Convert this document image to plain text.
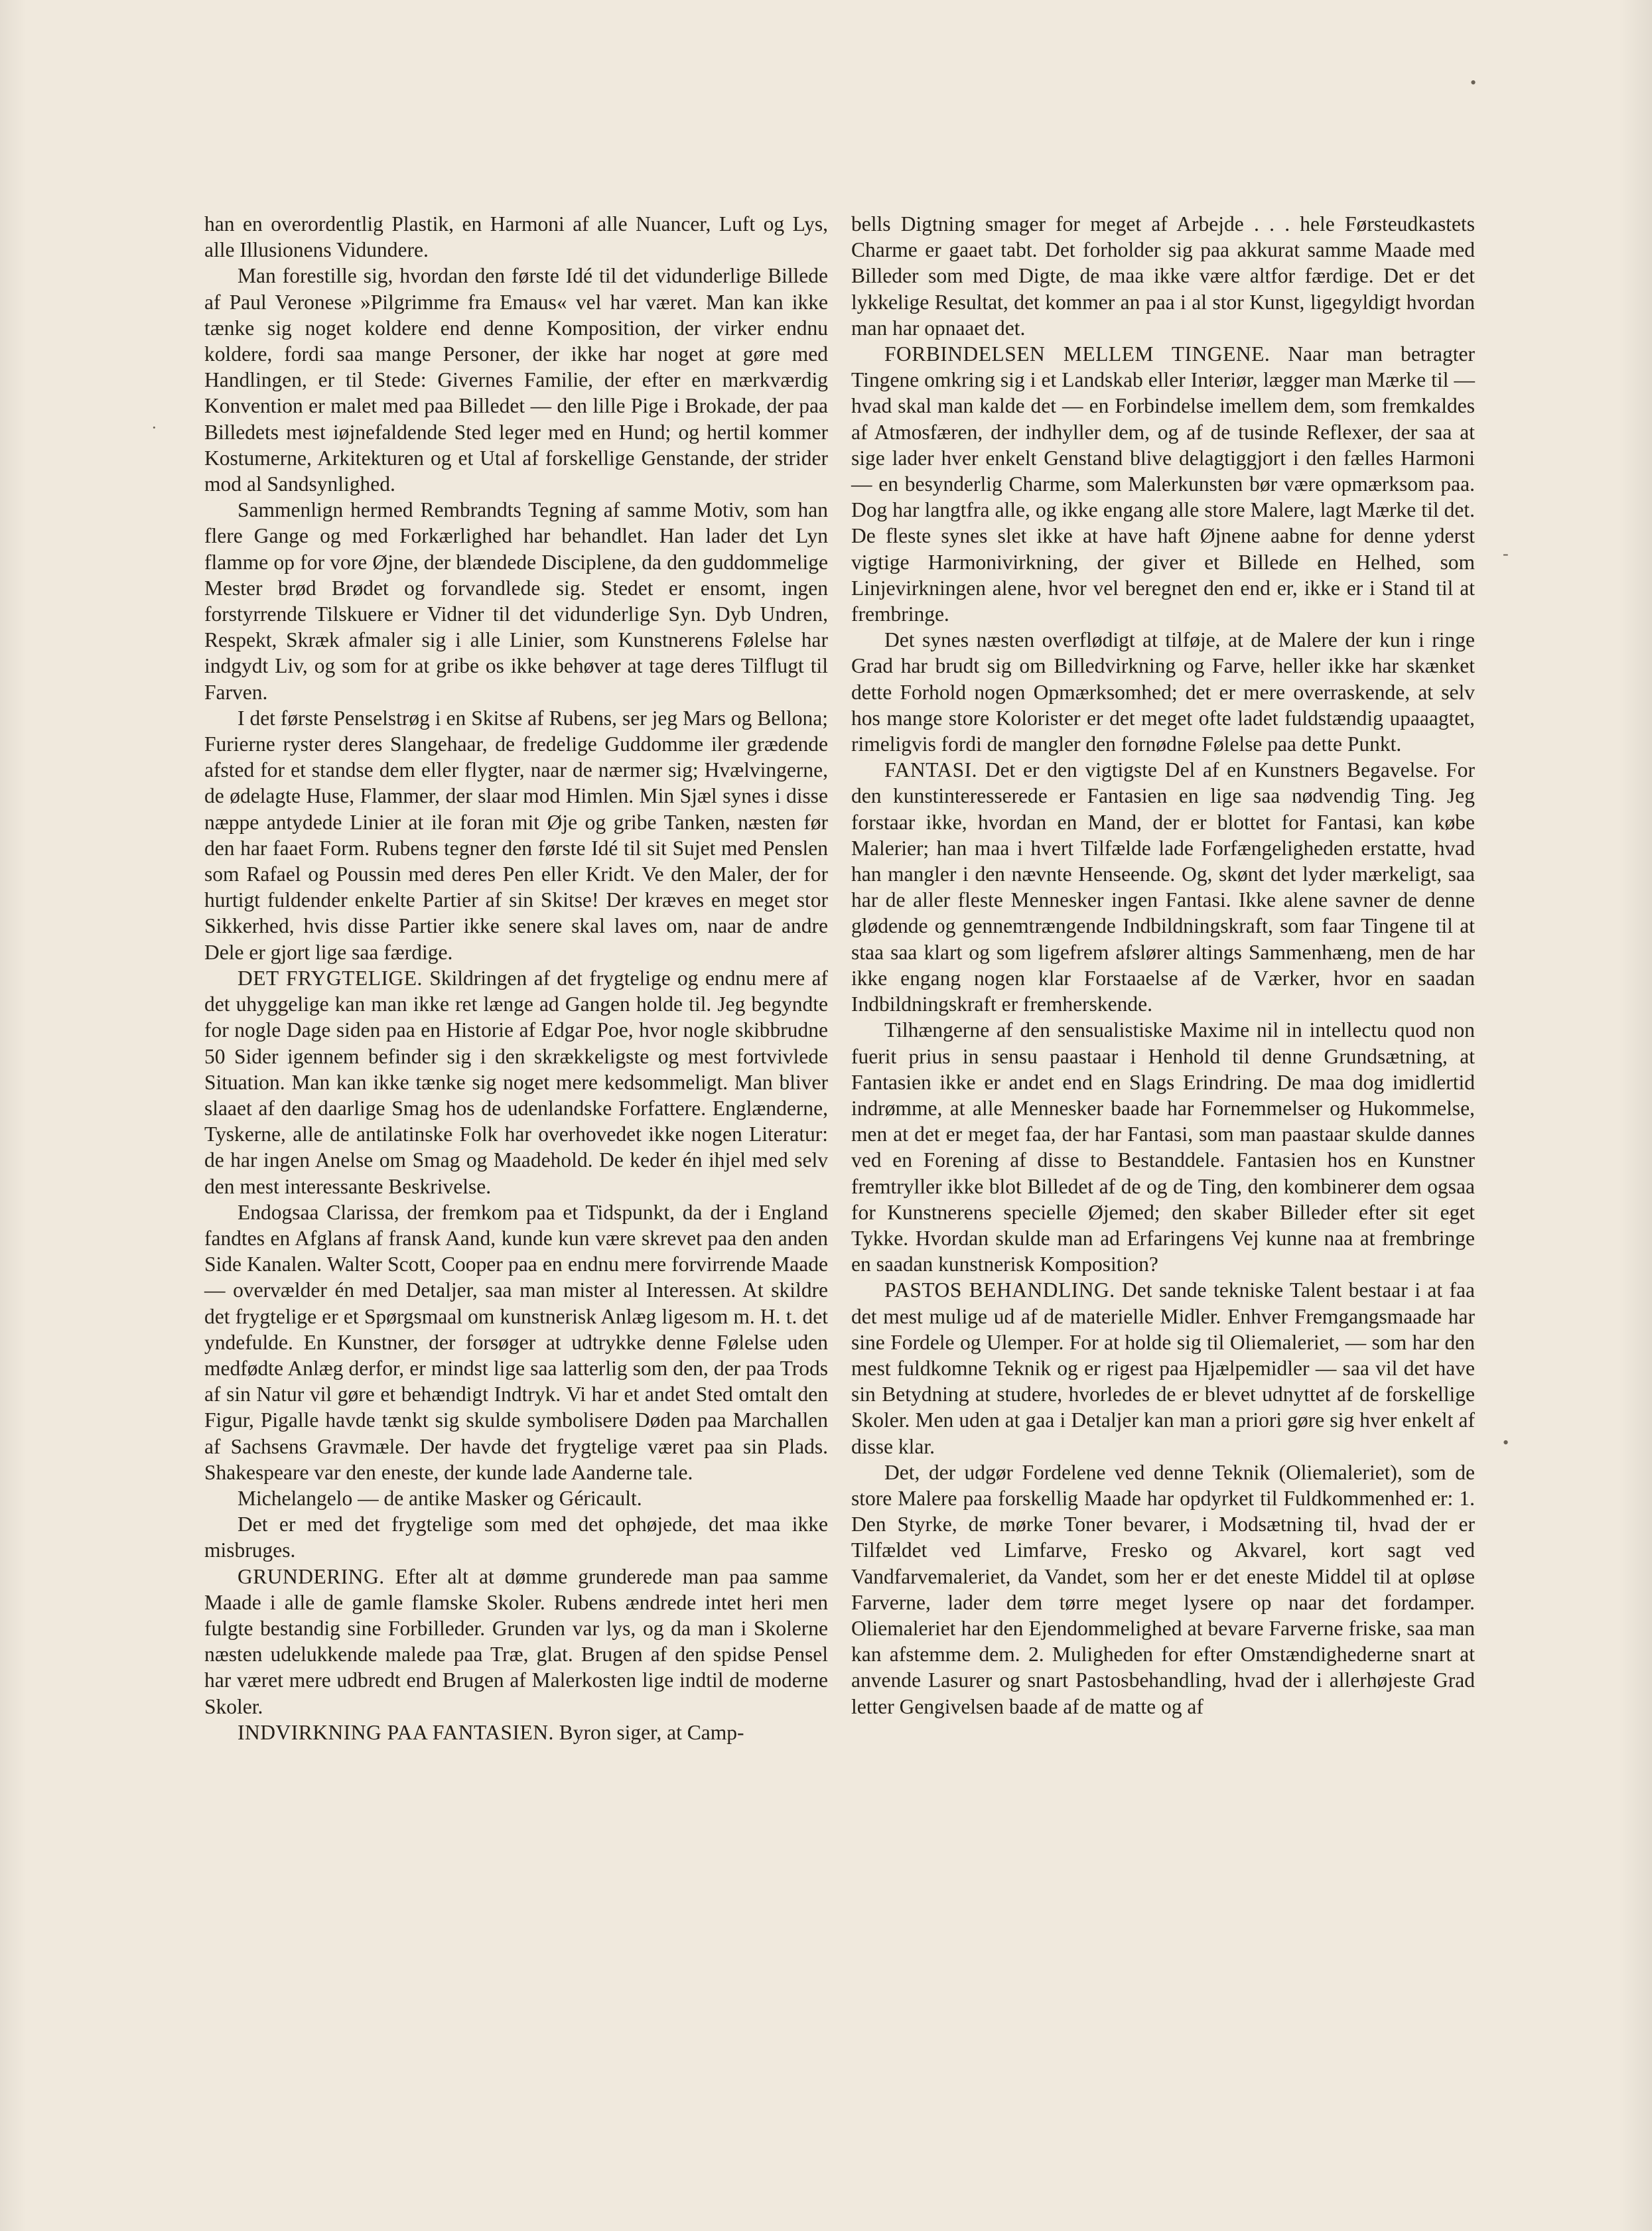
•
·
-
•

han en overordentlig Plastik, en Harmoni af alle Nuancer, Luft og Lys, alle Illusionens Vidundere.

Man forestille sig, hvordan den første Idé til det vidunderlige Billede af Paul Veronese »Pilgrimme fra Emaus« vel har været. Man kan ikke tænke sig noget koldere end denne Komposition, der virker endnu koldere, fordi saa mange Personer, der ikke har noget at gøre med Handlingen, er til Stede: Givernes Familie, der efter en mærkværdig Konvention er malet med paa Billedet — den lille Pige i Brokade, der paa Billedets mest iøjnefaldende Sted leger med en Hund; og hertil kommer Kostumerne, Arkitekturen og et Utal af forskellige Genstande, der strider mod al Sandsynlighed.

Sammenlign hermed Rembrandts Tegning af samme Motiv, som han flere Gange og med Forkærlighed har behandlet. Han lader det Lyn flamme op for vore Øjne, der blændede Disciplene, da den guddommelige Mester brød Brødet og forvandlede sig. Stedet er ensomt, ingen forstyrrende Tilskuere er Vidner til det vidunderlige Syn. Dyb Undren, Respekt, Skræk afmaler sig i alle Linier, som Kunstnerens Følelse har indgydt Liv, og som for at gribe os ikke behøver at tage deres Tilflugt til Farven.

I det første Penselstrøg i en Skitse af Rubens, ser jeg Mars og Bellona; Furierne ryster deres Slangehaar, de fredelige Guddomme iler grædende afsted for et standse dem eller flygter, naar de nærmer sig; Hvælvingerne, de ødelagte Huse, Flammer, der slaar mod Himlen. Min Sjæl synes i disse næppe antydede Linier at ile foran mit Øje og gribe Tanken, næsten før den har faaet Form. Rubens tegner den første Idé til sit Sujet med Penslen som Rafael og Poussin med deres Pen eller Kridt. Ve den Maler, der for hurtigt fuldender enkelte Partier af sin Skitse! Der kræves en meget stor Sikkerhed, hvis disse Partier ikke senere skal laves om, naar de andre Dele er gjort lige saa færdige.

DET FRYGTELIGE. Skildringen af det frygtelige og endnu mere af det uhyggelige kan man ikke ret længe ad Gangen holde til. Jeg begyndte for nogle Dage siden paa en Historie af Edgar Poe, hvor nogle skibbrudne 50 Sider igennem befinder sig i den skrækkeligste og mest fortvivlede Situation. Man kan ikke tænke sig noget mere kedsommeligt. Man bliver slaaet af den daarlige Smag hos de udenlandske Forfattere. Englænderne, Tyskerne, alle de antilatinske Folk har overhovedet ikke nogen Literatur: de har ingen Anelse om Smag og Maadehold. De keder én ihjel med selv den mest interessante Beskrivelse.

Endogsaa Clarissa, der fremkom paa et Tidspunkt, da der i England fandtes en Afglans af fransk Aand, kunde kun være skrevet paa den anden Side Kanalen. Walter Scott, Cooper paa en endnu mere forvirrende Maade — overvælder én med Detaljer, saa man mister al Interessen. At skildre det frygtelige er et Spørgsmaal om kunstnerisk Anlæg ligesom m. H. t. det yndefulde. En Kunstner, der forsøger at udtrykke denne Følelse uden medfødte Anlæg derfor, er mindst lige saa latterlig som den, der paa Trods af sin Natur vil gøre et behændigt Indtryk. Vi har et andet Sted omtalt den Figur, Pigalle havde tænkt sig skulde symbolisere Døden paa Marchallen af Sachsens Gravmæle. Der havde det frygtelige været paa sin Plads. Shakespeare var den eneste, der kunde lade Aanderne tale.

Michelangelo — de antike Masker og Géricault.

Det er med det frygtelige som med det ophøjede, det maa ikke misbruges.

GRUNDERING. Efter alt at dømme grunderede man paa samme Maade i alle de gamle flamske Skoler. Rubens ændrede intet heri men fulgte bestandig sine Forbilleder. Grunden var lys, og da man i Skolerne næsten udelukkende malede paa Træ, glat. Brugen af den spidse Pensel har været mere udbredt end Brugen af Malerkosten lige indtil de moderne Skoler.

INDVIRKNING PAA FANTASIEN. Byron siger, at Camp-

bells Digtning smager for meget af Arbejde . . . hele Førsteudkastets Charme er gaaet tabt. Det forholder sig paa akkurat samme Maade med Billeder som med Digte, de maa ikke være altfor færdige. Det er det lykkelige Resultat, det kommer an paa i al stor Kunst, ligegyldigt hvordan man har opnaaet det.

FORBINDELSEN MELLEM TINGENE. Naar man betragter Tingene omkring sig i et Landskab eller Interiør, lægger man Mærke til — hvad skal man kalde det — en Forbindelse imellem dem, som fremkaldes af Atmosfæren, der indhyller dem, og af de tusinde Reflexer, der saa at sige lader hver enkelt Genstand blive delagtiggjort i den fælles Harmoni — en besynderlig Charme, som Malerkunsten bør være opmærksom paa. Dog har langtfra alle, og ikke engang alle store Malere, lagt Mærke til det. De fleste synes slet ikke at have haft Øjnene aabne for denne yderst vigtige Harmonivirkning, der giver et Billede en Helhed, som Linjevirkningen alene, hvor vel beregnet den end er, ikke er i Stand til at frembringe.

Det synes næsten overflødigt at tilføje, at de Malere der kun i ringe Grad har brudt sig om Billedvirkning og Farve, heller ikke har skænket dette Forhold nogen Opmærksomhed; det er mere overraskende, at selv hos mange store Kolorister er det meget ofte ladet fuldstændig upaaagtet, rimeligvis fordi de mangler den fornødne Følelse paa dette Punkt.

FANTASI. Det er den vigtigste Del af en Kunstners Begavelse. For den kunstinteresserede er Fantasien en lige saa nødvendig Ting. Jeg forstaar ikke, hvordan en Mand, der er blottet for Fantasi, kan købe Malerier; han maa i hvert Tilfælde lade Forfængeligheden erstatte, hvad han mangler i den nævnte Henseende. Og, skønt det lyder mærkeligt, saa har de aller fleste Mennesker ingen Fantasi. Ikke alene savner de denne glødende og gennemtrængende Indbildningskraft, som faar Tingene til at staa saa klart og som ligefrem afslører altings Sammenhæng, men de har ikke engang nogen klar Forstaaelse af de Værker, hvor en saadan Indbildningskraft er fremherskende.

Tilhængerne af den sensualistiske Maxime nil in intellectu quod non fuerit prius in sensu paastaar i Henhold til denne Grundsætning, at Fantasien ikke er andet end en Slags Erindring. De maa dog imidlertid indrømme, at alle Mennesker baade har Fornemmelser og Hukommelse, men at det er meget faa, der har Fantasi, som man paastaar skulde dannes ved en Forening af disse to Bestanddele. Fantasien hos en Kunstner fremtryller ikke blot Billedet af de og de Ting, den kombinerer dem ogsaa for Kunstnerens specielle Øjemed; den skaber Billeder efter sit eget Tykke. Hvordan skulde man ad Erfaringens Vej kunne naa at frembringe en saadan kunstnerisk Komposition?

PASTOS BEHANDLING. Det sande tekniske Talent bestaar i at faa det mest mulige ud af de materielle Midler. Enhver Fremgangsmaade har sine Fordele og Ulemper. For at holde sig til Oliemaleriet, — som har den mest fuldkomne Teknik og er rigest paa Hjælpemidler — saa vil det have sin Betydning at studere, hvorledes de er blevet udnyttet af de forskellige Skoler. Men uden at gaa i Detaljer kan man a priori gøre sig hver enkelt af disse klar.

Det, der udgør Fordelene ved denne Teknik (Oliemaleriet), som de store Malere paa forskellig Maade har opdyrket til Fuldkommenhed er: 1. Den Styrke, de mørke Toner bevarer, i Modsætning til, hvad der er Tilfældet ved Limfarve, Fresko og Akvarel, kort sagt ved Vandfarvemaleriet, da Vandet, som her er det eneste Middel til at opløse Farverne, lader dem tørre meget lysere op naar det fordamper. Oliemaleriet har den Ejendommelighed at bevare Farverne friske, saa man kan afstemme dem. 2. Muligheden for efter Omstændighederne snart at anvende Lasurer og snart Pastosbehandling, hvad der i allerhøjeste Grad letter Gengivelsen baade af de matte og af
